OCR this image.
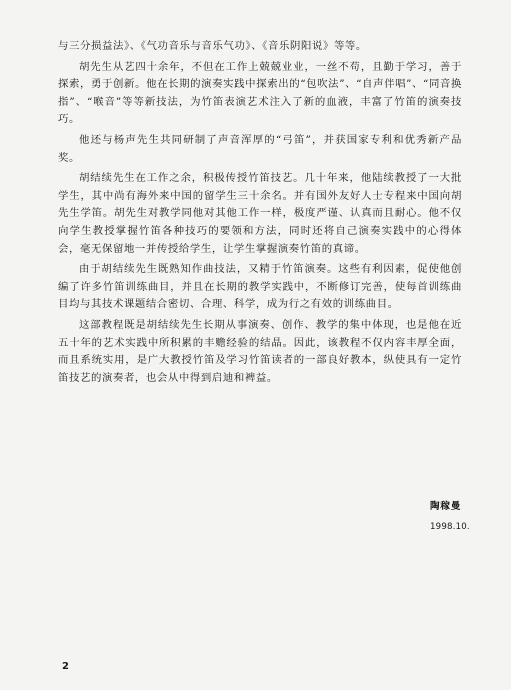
与三分损益法》、《气功音乐与音乐气功》、《音乐阴阳说》等等。

胡先生从艺四十余年，不但在工作上兢兢业业，一丝不苟，且勤于学习，善于探索，勇于创新。他在长期的演奏实践中探索出的“包吹法”、“自声伴唱”、“同音换指”、“喉音”等等新技法，为竹笛表演艺术注入了新的血液，丰富了竹笛的演奏技巧。

他还与杨声先生共同研制了声音浑厚的“弓笛”，并获国家专利和优秀新产品奖。

胡结续先生在工作之余，积极传授竹笛技艺。几十年来，他陆续教授了一大批学生，其中尚有海外来中国的留学生三十余名。并有国外友好人士专程来中国向胡先生学笛。胡先生对教学同他对其他工作一样，极度严谨、认真而且耐心。他不仅向学生教授掌握竹笛各种技巧的要领和方法，同时还将自己演奏实践中的心得体会，毫无保留地一并传授给学生，让学生掌握演奏竹笛的真谛。

由于胡结续先生既熟知作曲技法，又精于竹笛演奏。这些有利因素，促使他创编了许多竹笛训练曲目，并且在长期的教学实践中，不断修订完善，使每首训练曲目均与其技术课题结合密切、合理、科学，成为行之有效的训练曲目。

这部教程既是胡结续先生长期从事演奏、创作、教学的集中体现，也是他在近五十年的艺术实践中所积累的丰赡经验的结晶。因此，该教程不仅内容丰厚全面，而且系统实用，是广大教授竹笛及学习竹笛读者的一部良好教本，纵使具有一定竹笛技艺的演奏者，也会从中得到启迪和裨益。

陶稼曼
1998.10.
2
